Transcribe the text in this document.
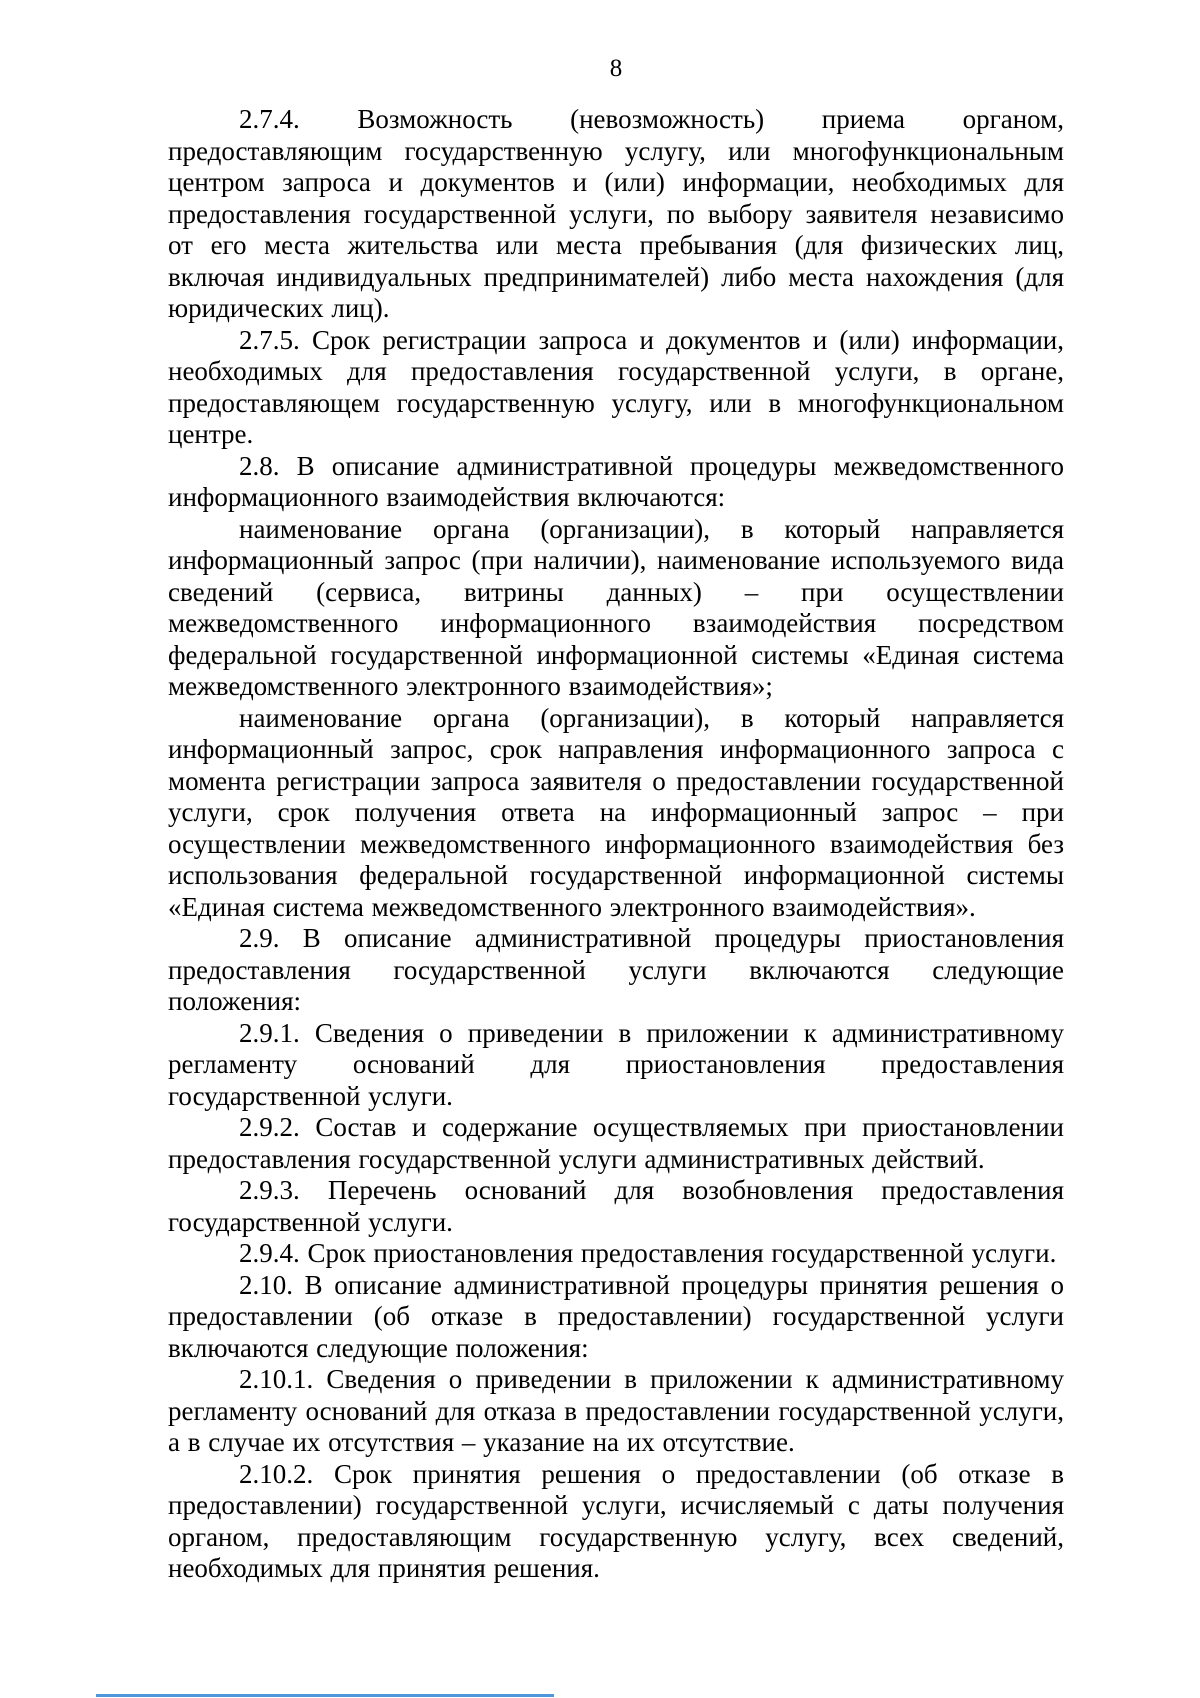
8

2.7.4. Возможность (невозможность) приема органом, предоставляющим государственную услугу, или многофункциональным центром запроса и документов и (или) информации, необходимых для предоставления государственной услуги, по выбору заявителя независимо от его места жительства или места пребывания (для физических лиц, включая индивидуальных предпринимателей) либо места нахождения (для юридических лиц).

2.7.5. Срок регистрации запроса и документов и (или) информации, необходимых для предоставления государственной услуги, в органе, предоставляющем государственную услугу, или в многофункциональном центре.

2.8. В описание административной процедуры межведомственного информационного взаимодействия включаются:

наименование органа (организации), в который направляется информационный запрос (при наличии), наименование используемого вида сведений (сервиса, витрины данных) – при осуществлении межведомственного информационного взаимодействия посредством федеральной государственной информационной системы «Единая система межведомственного электронного взаимодействия»;

наименование органа (организации), в который направляется информационный запрос, срок направления информационного запроса с момента регистрации запроса заявителя о предоставлении государственной услуги, срок получения ответа на информационный запрос – при осуществлении межведомственного информационного взаимодействия без использования федеральной государственной информационной системы «Единая система межведомственного электронного взаимодействия».

2.9. В описание административной процедуры приостановления предоставления государственной услуги включаются следующие положения:

2.9.1. Сведения о приведении в приложении к административному регламенту оснований для приостановления предоставления государственной услуги.

2.9.2. Состав и содержание осуществляемых при приостановлении предоставления государственной услуги административных действий.

2.9.3. Перечень оснований для возобновления предоставления государственной услуги.

2.9.4. Срок приостановления предоставления государственной услуги.

2.10. В описание административной процедуры принятия решения о предоставлении (об отказе в предоставлении) государственной услуги включаются следующие положения:

2.10.1. Сведения о приведении в приложении к административному регламенту оснований для отказа в предоставлении государственной услуги, а в случае их отсутствия – указание на их отсутствие.

2.10.2. Срок принятия решения о предоставлении (об отказе в предоставлении) государственной услуги, исчисляемый с даты получения органом, предоставляющим государственную услугу, всех сведений, необходимых для принятия решения.
